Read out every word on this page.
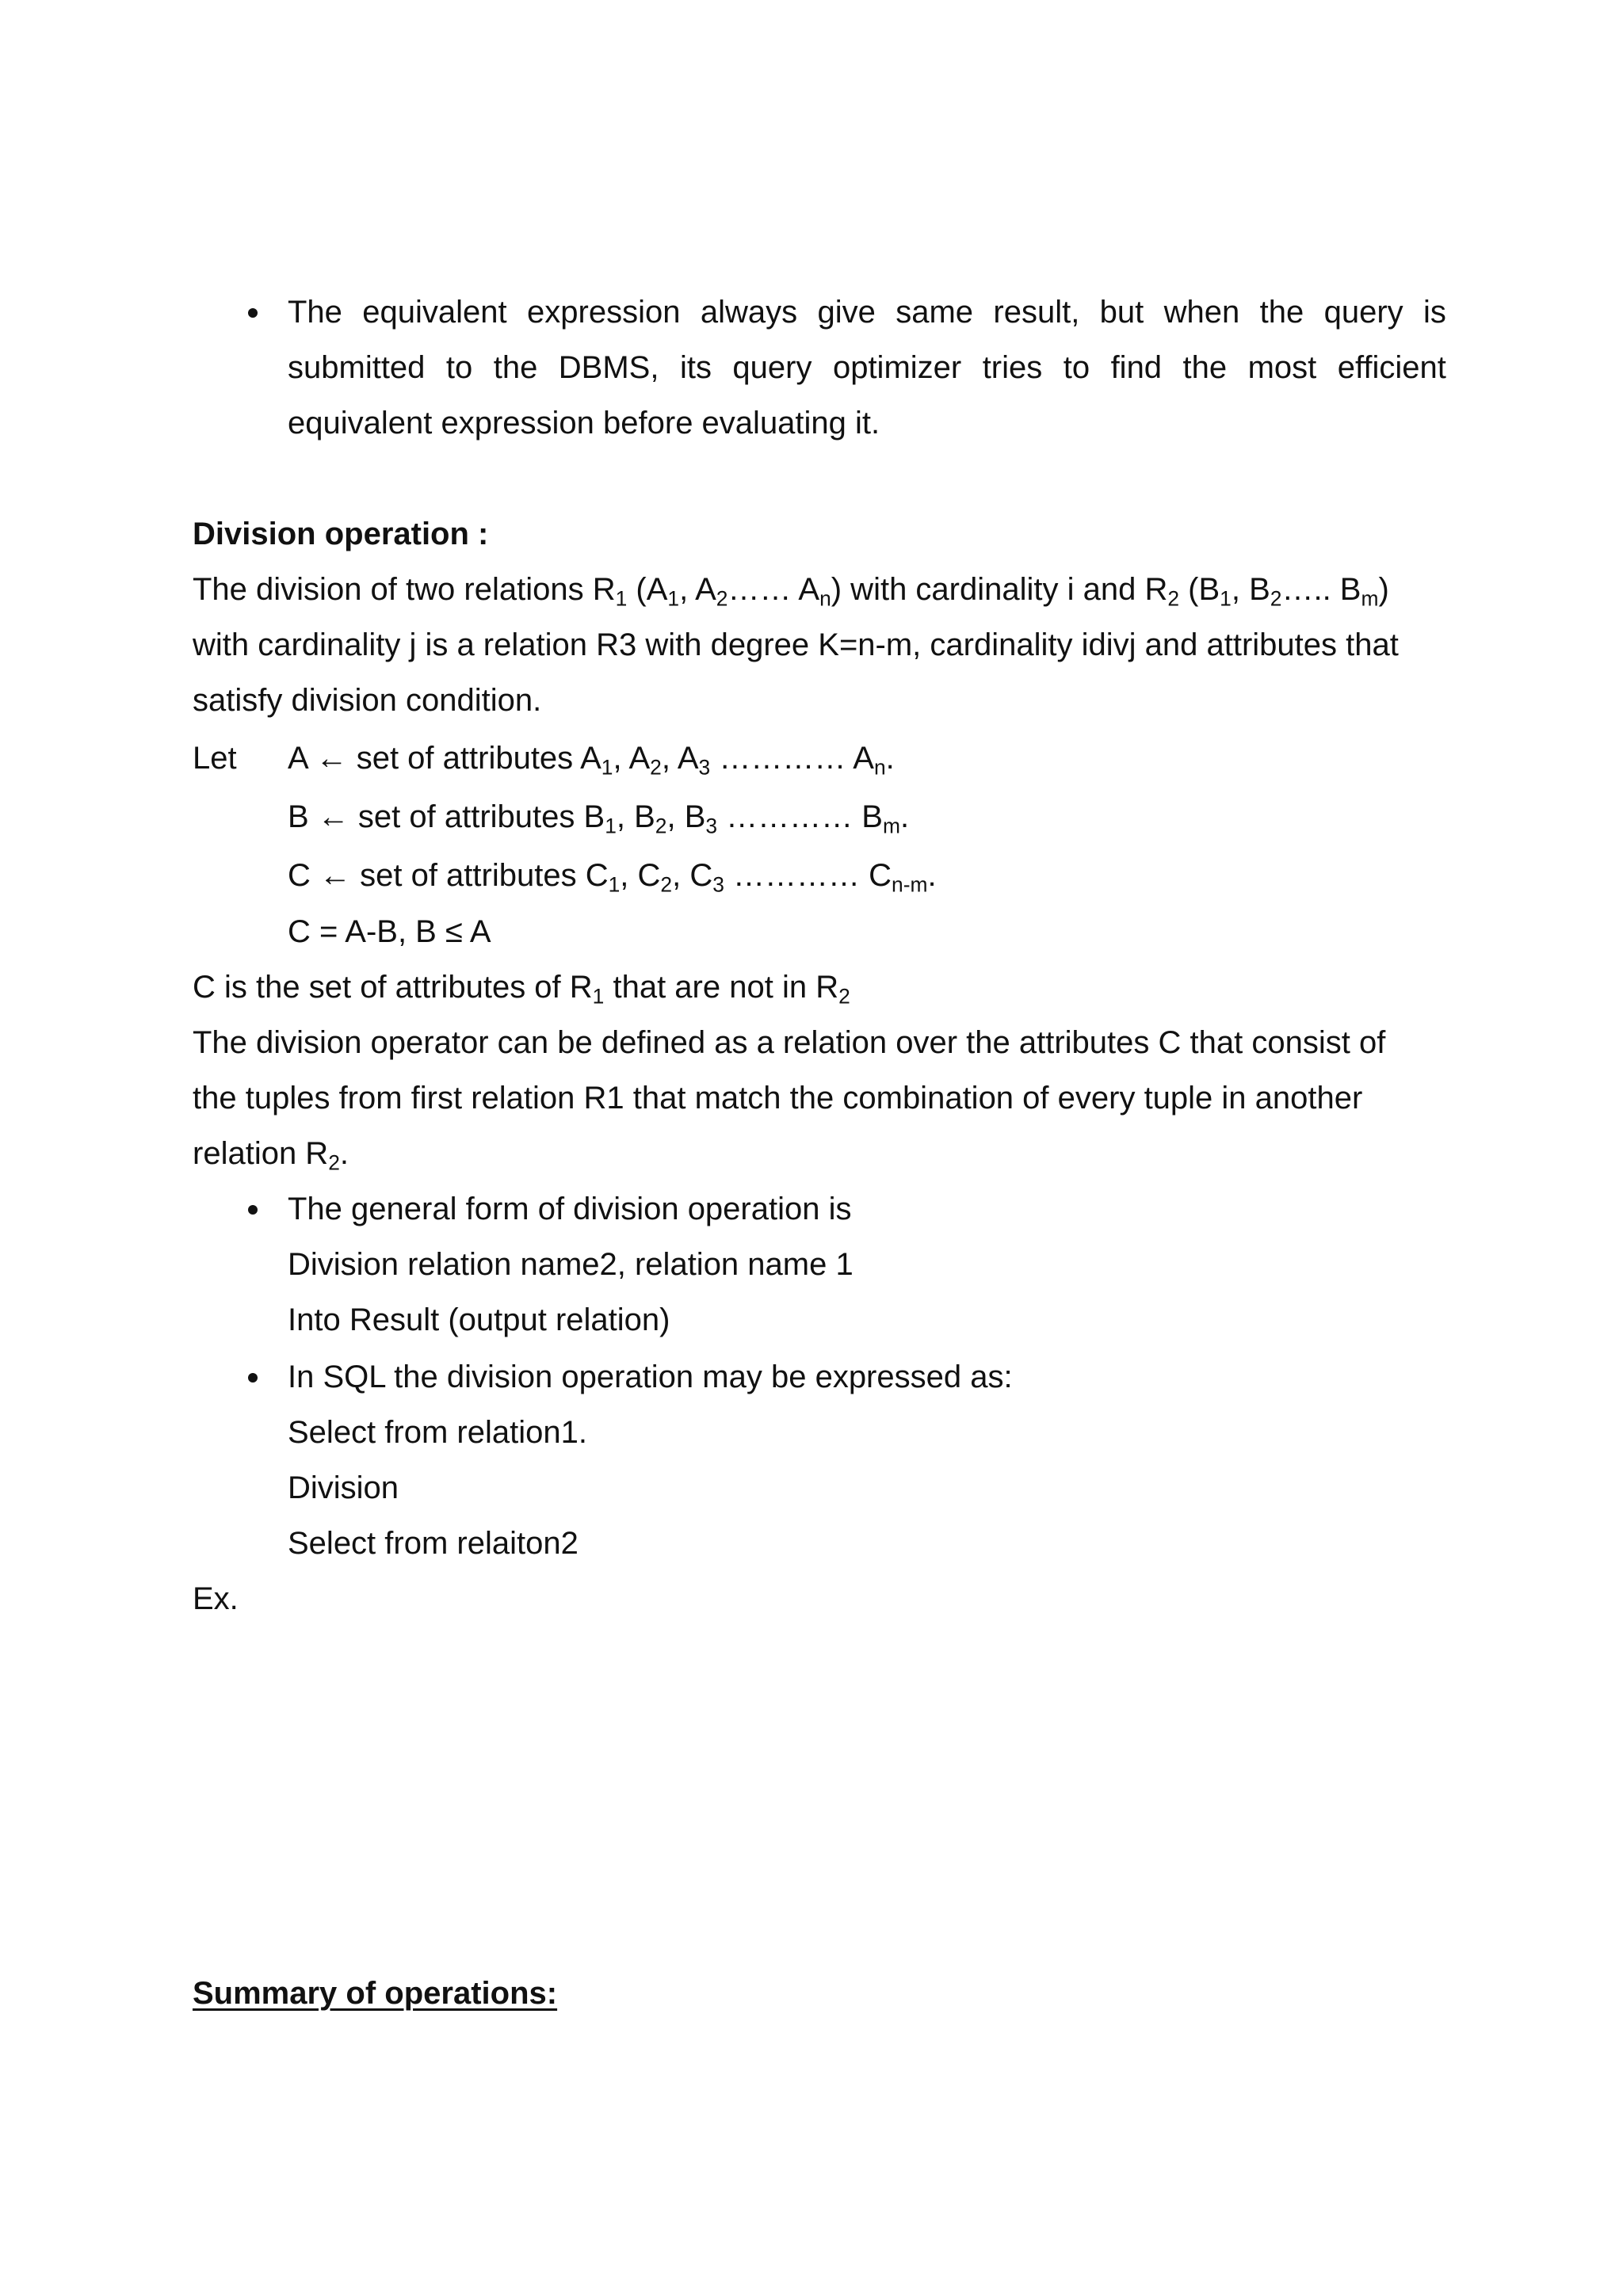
The equivalent expression always give same result, but when the query is
submitted to the DBMS, its query optimizer tries to find the most efficient
equivalent expression before evaluating it.
Division operation :
The division of two relations $R_1$ ($A_1$, $A_2\dots\dots$ $A_n$) with cardinality i and $R_2$ ($B_1$, $B_2\dots$.. $B_m$)
with cardinality j is a relation R3 with degree K=n-m, cardinality idivj and attributes that
satisfy division condition.
Let A ← set of attributes $A_1$, $A_2$, $A_3$ ………… $A_n$.
B ← set of attributes $B_1$, $B_2$, $B_3$ ………… $B_m$.
C ← set of attributes $C_1$, $C_2$, $C_3$ ………… $C_{n-m}$.
C = A-B, B ≤ A
C is the set of attributes of $R_1$ that are not in $R_2$
The division operator can be defined as a relation over the attributes C that consist of
the tuples from first relation R1 that match the combination of every tuple in another
relation $R_2$.
The general form of division operation is
Division relation name2, relation name 1
Into Result (output relation)
In SQL the division operation may be expressed as:
Select from relation1.
Division
Select from relaiton2
Ex.
Summary of operations:
